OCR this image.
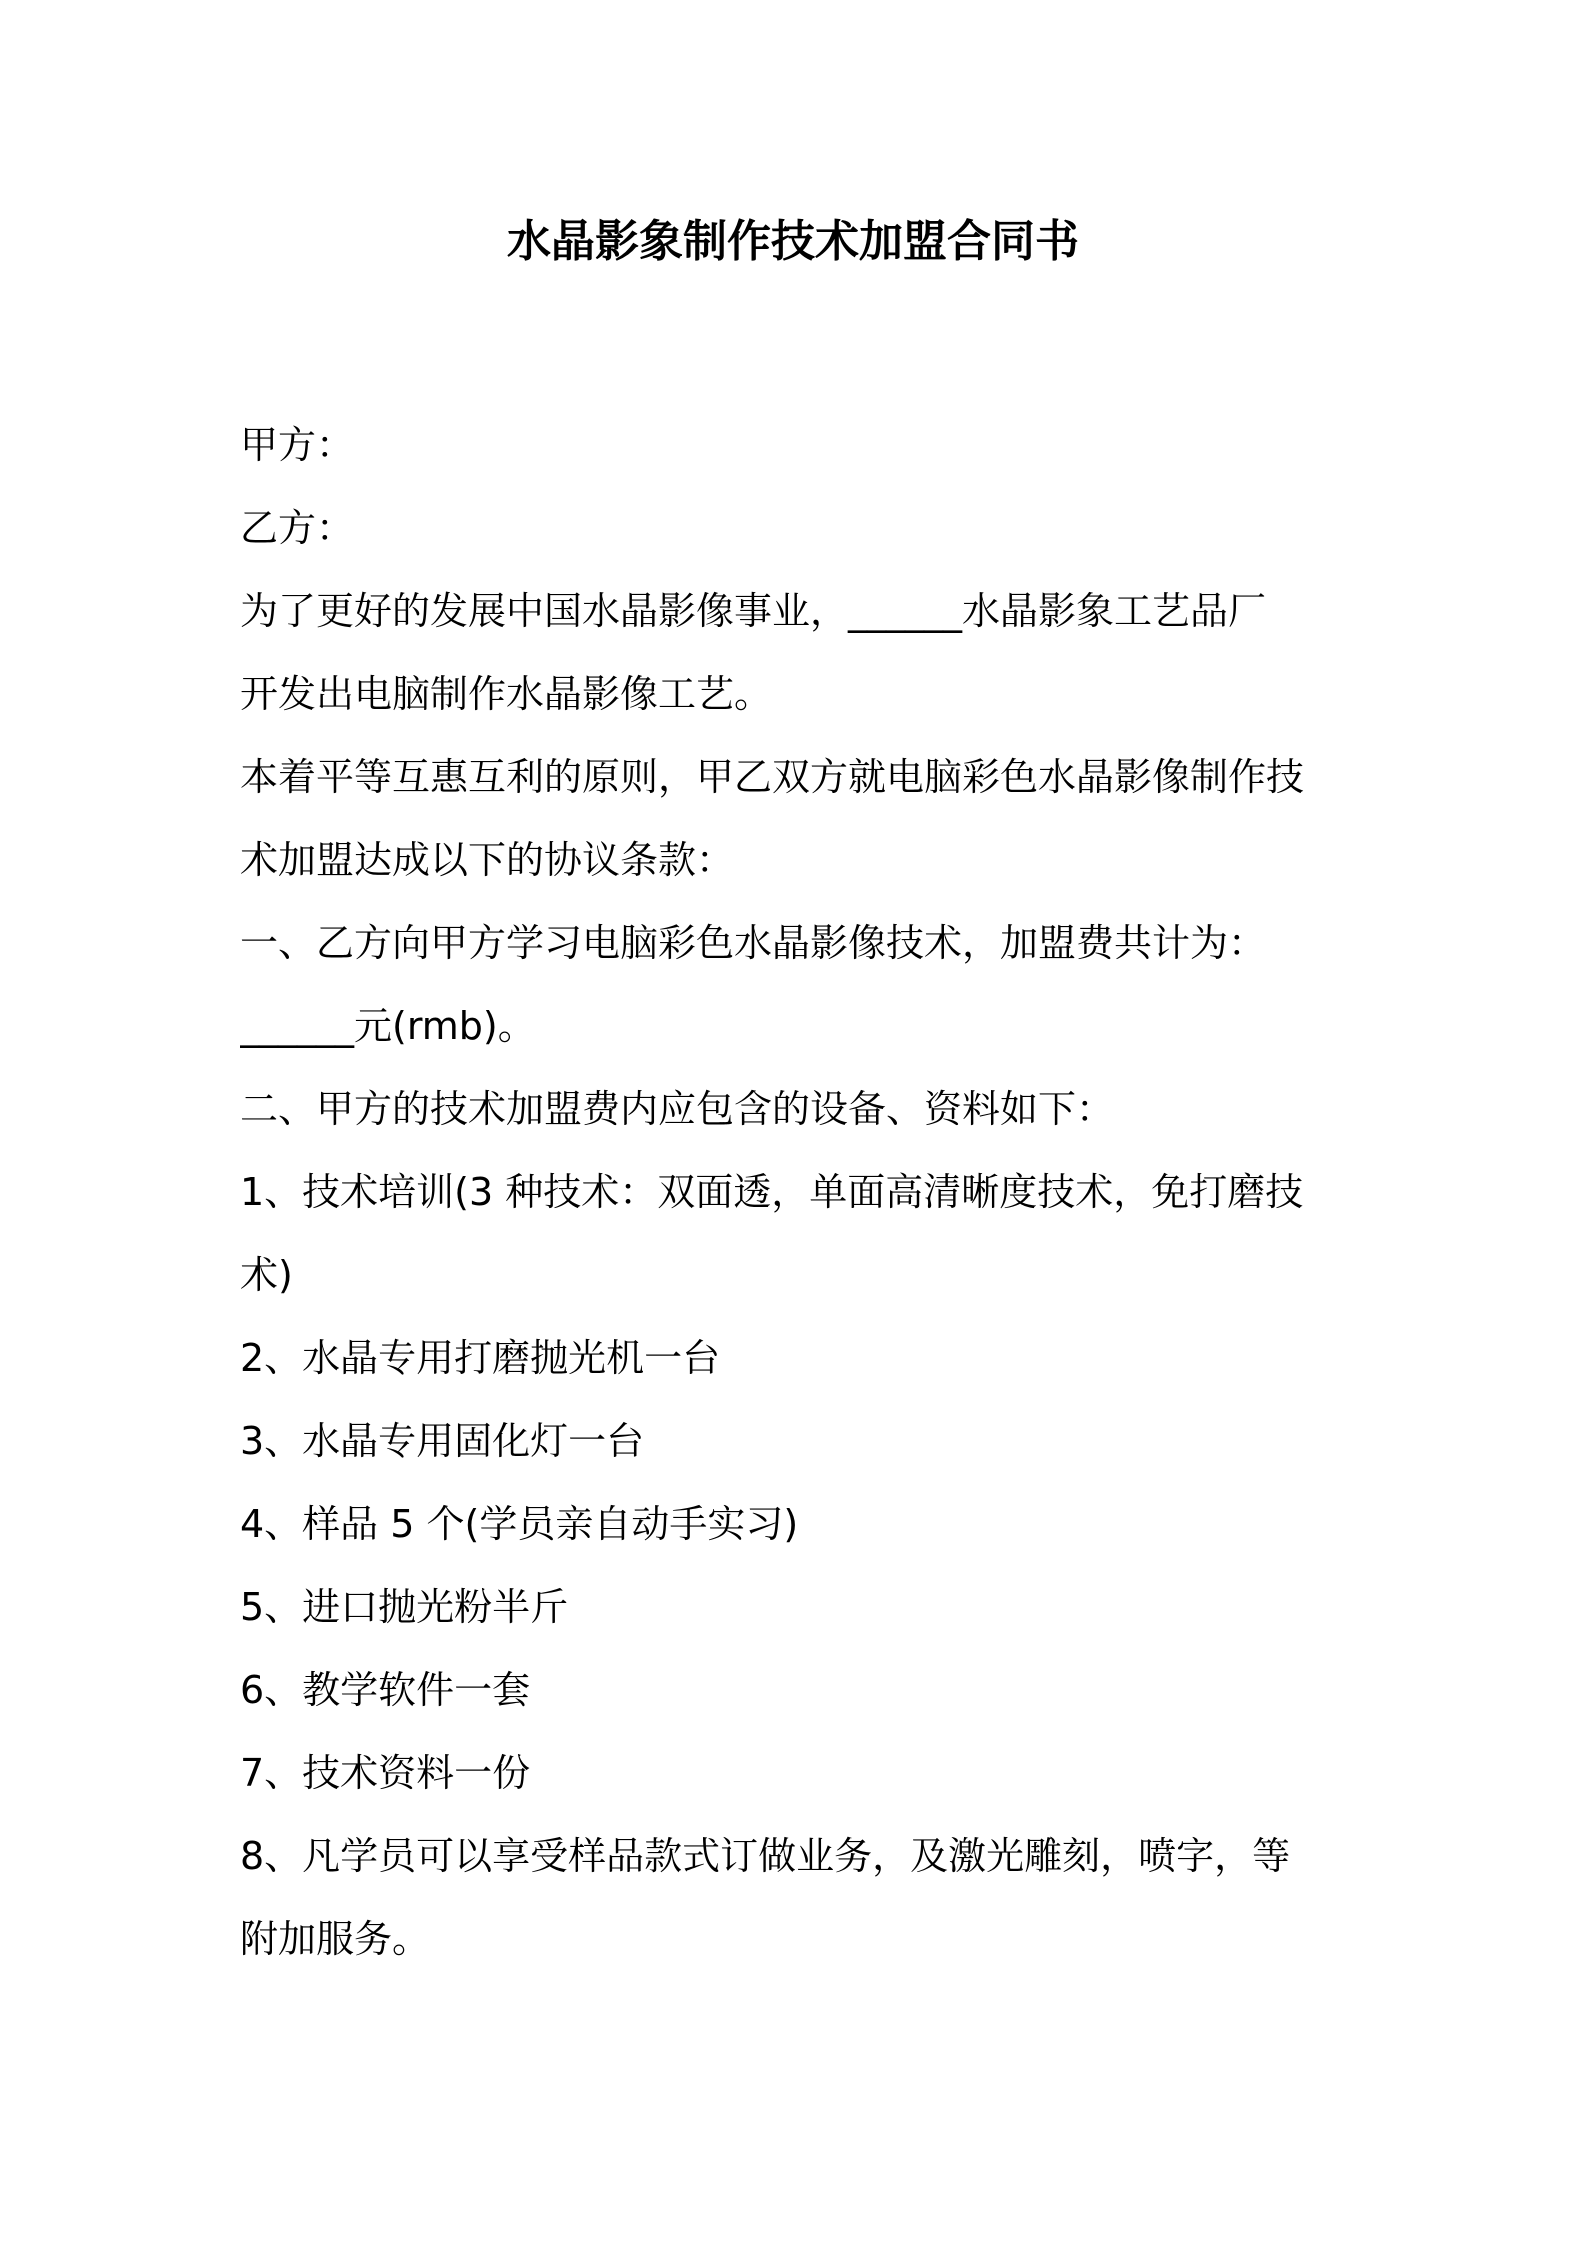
水晶影象制作技术加盟合同书
甲方：
乙方：
为了更好的发展中国水晶影像事业，______水晶影象工艺品厂
开发出电脑制作水晶影像工艺。
本着平等互惠互利的原则，甲乙双方就电脑彩色水晶影像制作技
术加盟达成以下的协议条款：
一、乙方向甲方学习电脑彩色水晶影像技术，加盟费共计为：
______元(rmb)。
二、甲方的技术加盟费内应包含的设备、资料如下：
1、技术培训(3 种技术：双面透，单面高清晰度技术，免打磨技
术)
2、水晶专用打磨抛光机一台
3、水晶专用固化灯一台
4、样品 5 个(学员亲自动手实习)
5、进口抛光粉半斤
6、教学软件一套
7、技术资料一份
8、凡学员可以享受样品款式订做业务，及激光雕刻，喷字，等
附加服务。
